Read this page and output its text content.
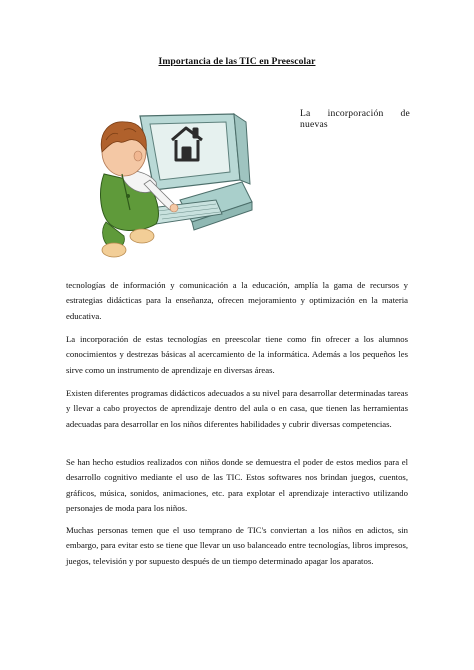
Importancia de las TIC en Preescolar
La incorporación de nuevas

tecnologías de información y comunicación a la educación, amplía la gama de recursos y estrategias didácticas para la enseñanza, ofrecen mejoramiento y optimización en la materia educativa.

La incorporación de estas tecnologías en preescolar tiene como fin ofrecer a los alumnos conocimientos y destrezas básicas al acercamiento de la informática. Además a los pequeños les sirve como un instrumento de aprendizaje en diversas áreas.

Existen diferentes programas didácticos adecuados a su nivel para desarrollar determinadas tareas y llevar a cabo proyectos de aprendizaje dentro del aula o en casa, que tienen las herramientas adecuadas para desarrollar en los niños diferentes habilidades y cubrir diversas competencias.

Se han hecho estudios realizados con niños donde se demuestra el poder de estos medios para el desarrollo cognitivo mediante el uso de las TIC. Estos softwares nos brindan juegos, cuentos, gráficos, música, sonidos, animaciones, etc. para explotar el aprendizaje interactivo utilizando personajes de moda para los niños.

Muchas personas temen que el uso temprano de TIC's conviertan a los niños en adictos, sin embargo, para evitar esto se tiene que llevar un uso balanceado entre tecnologías, libros impresos, juegos, televisión y por supuesto después de un tiempo determinado apagar los aparatos.
